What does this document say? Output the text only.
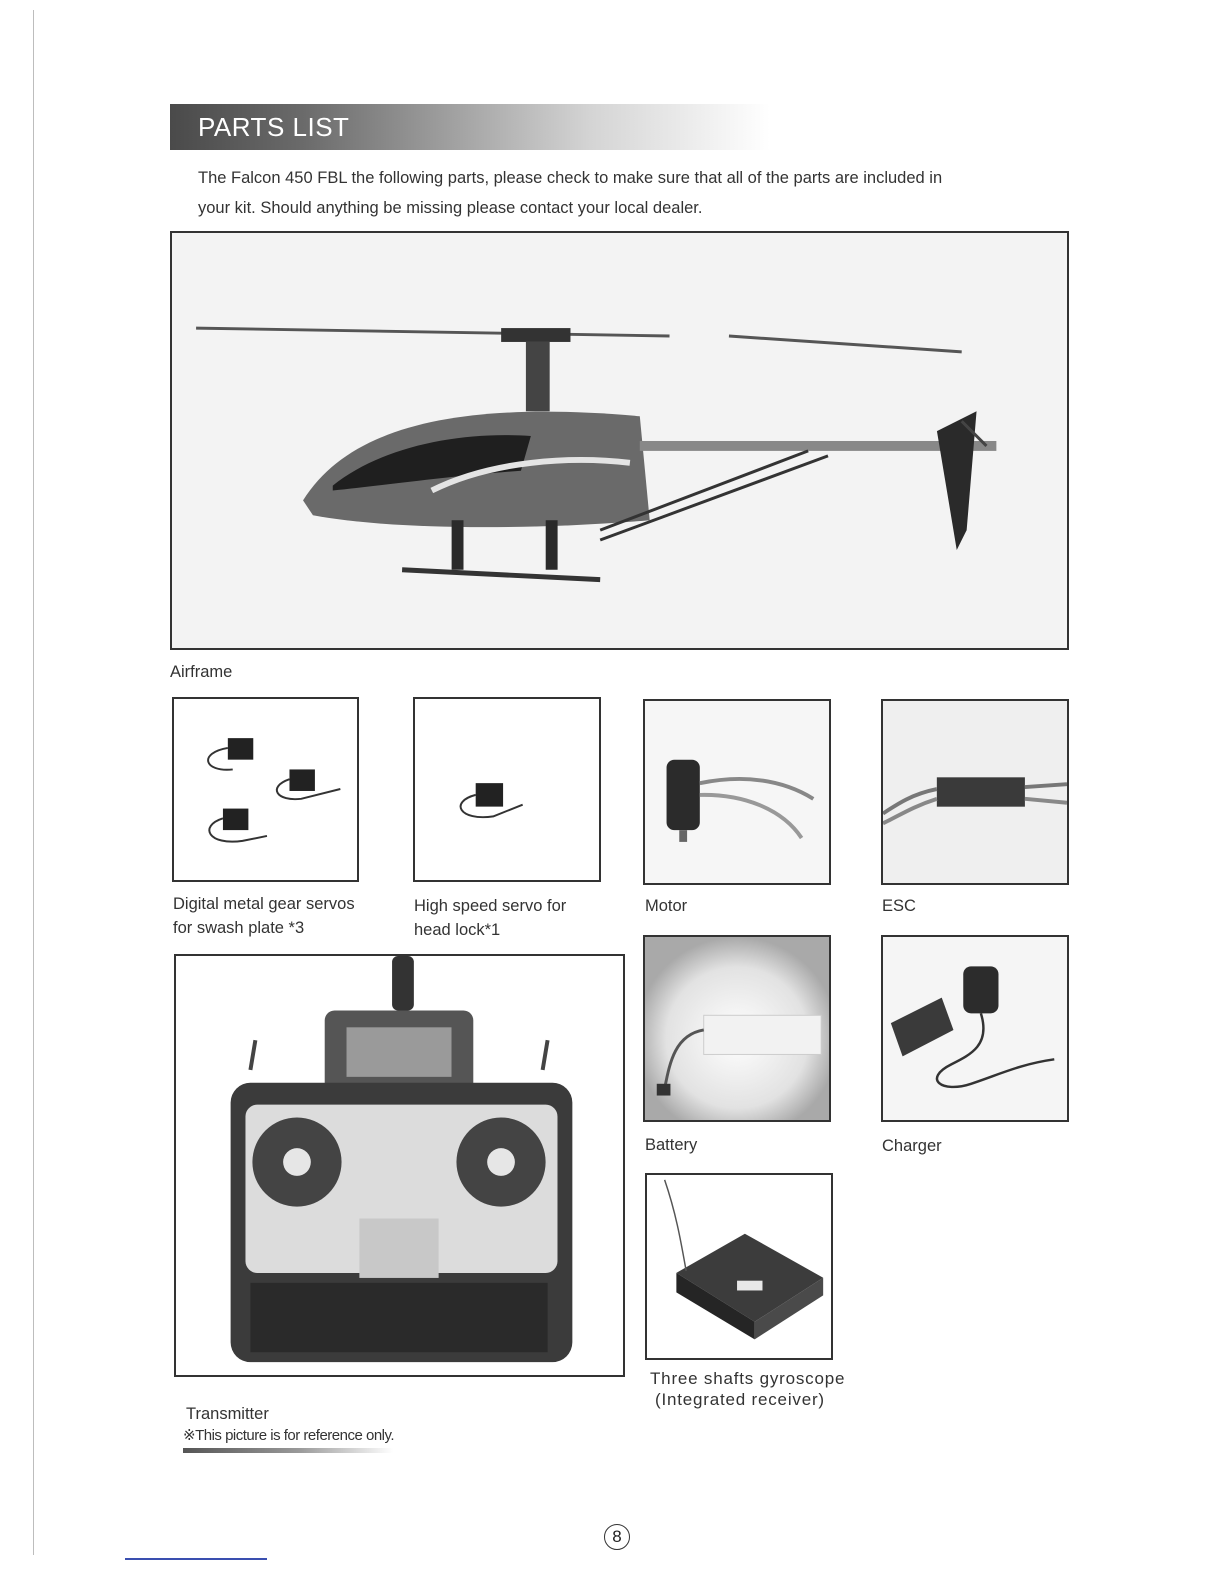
PARTS LIST

The Falcon 450 FBL the following parts, please check to make sure that all of the parts are included in your kit. Should anything be missing please contact your local dealer.

Airframe
Digital metal gear servos
for swash plate *3
High speed servo for
head lock*1
Motor	ESC
Transmitter
※This picture is for reference only.
Battery	Charger
Three shafts gyroscope
(Integrated receiver)
8
